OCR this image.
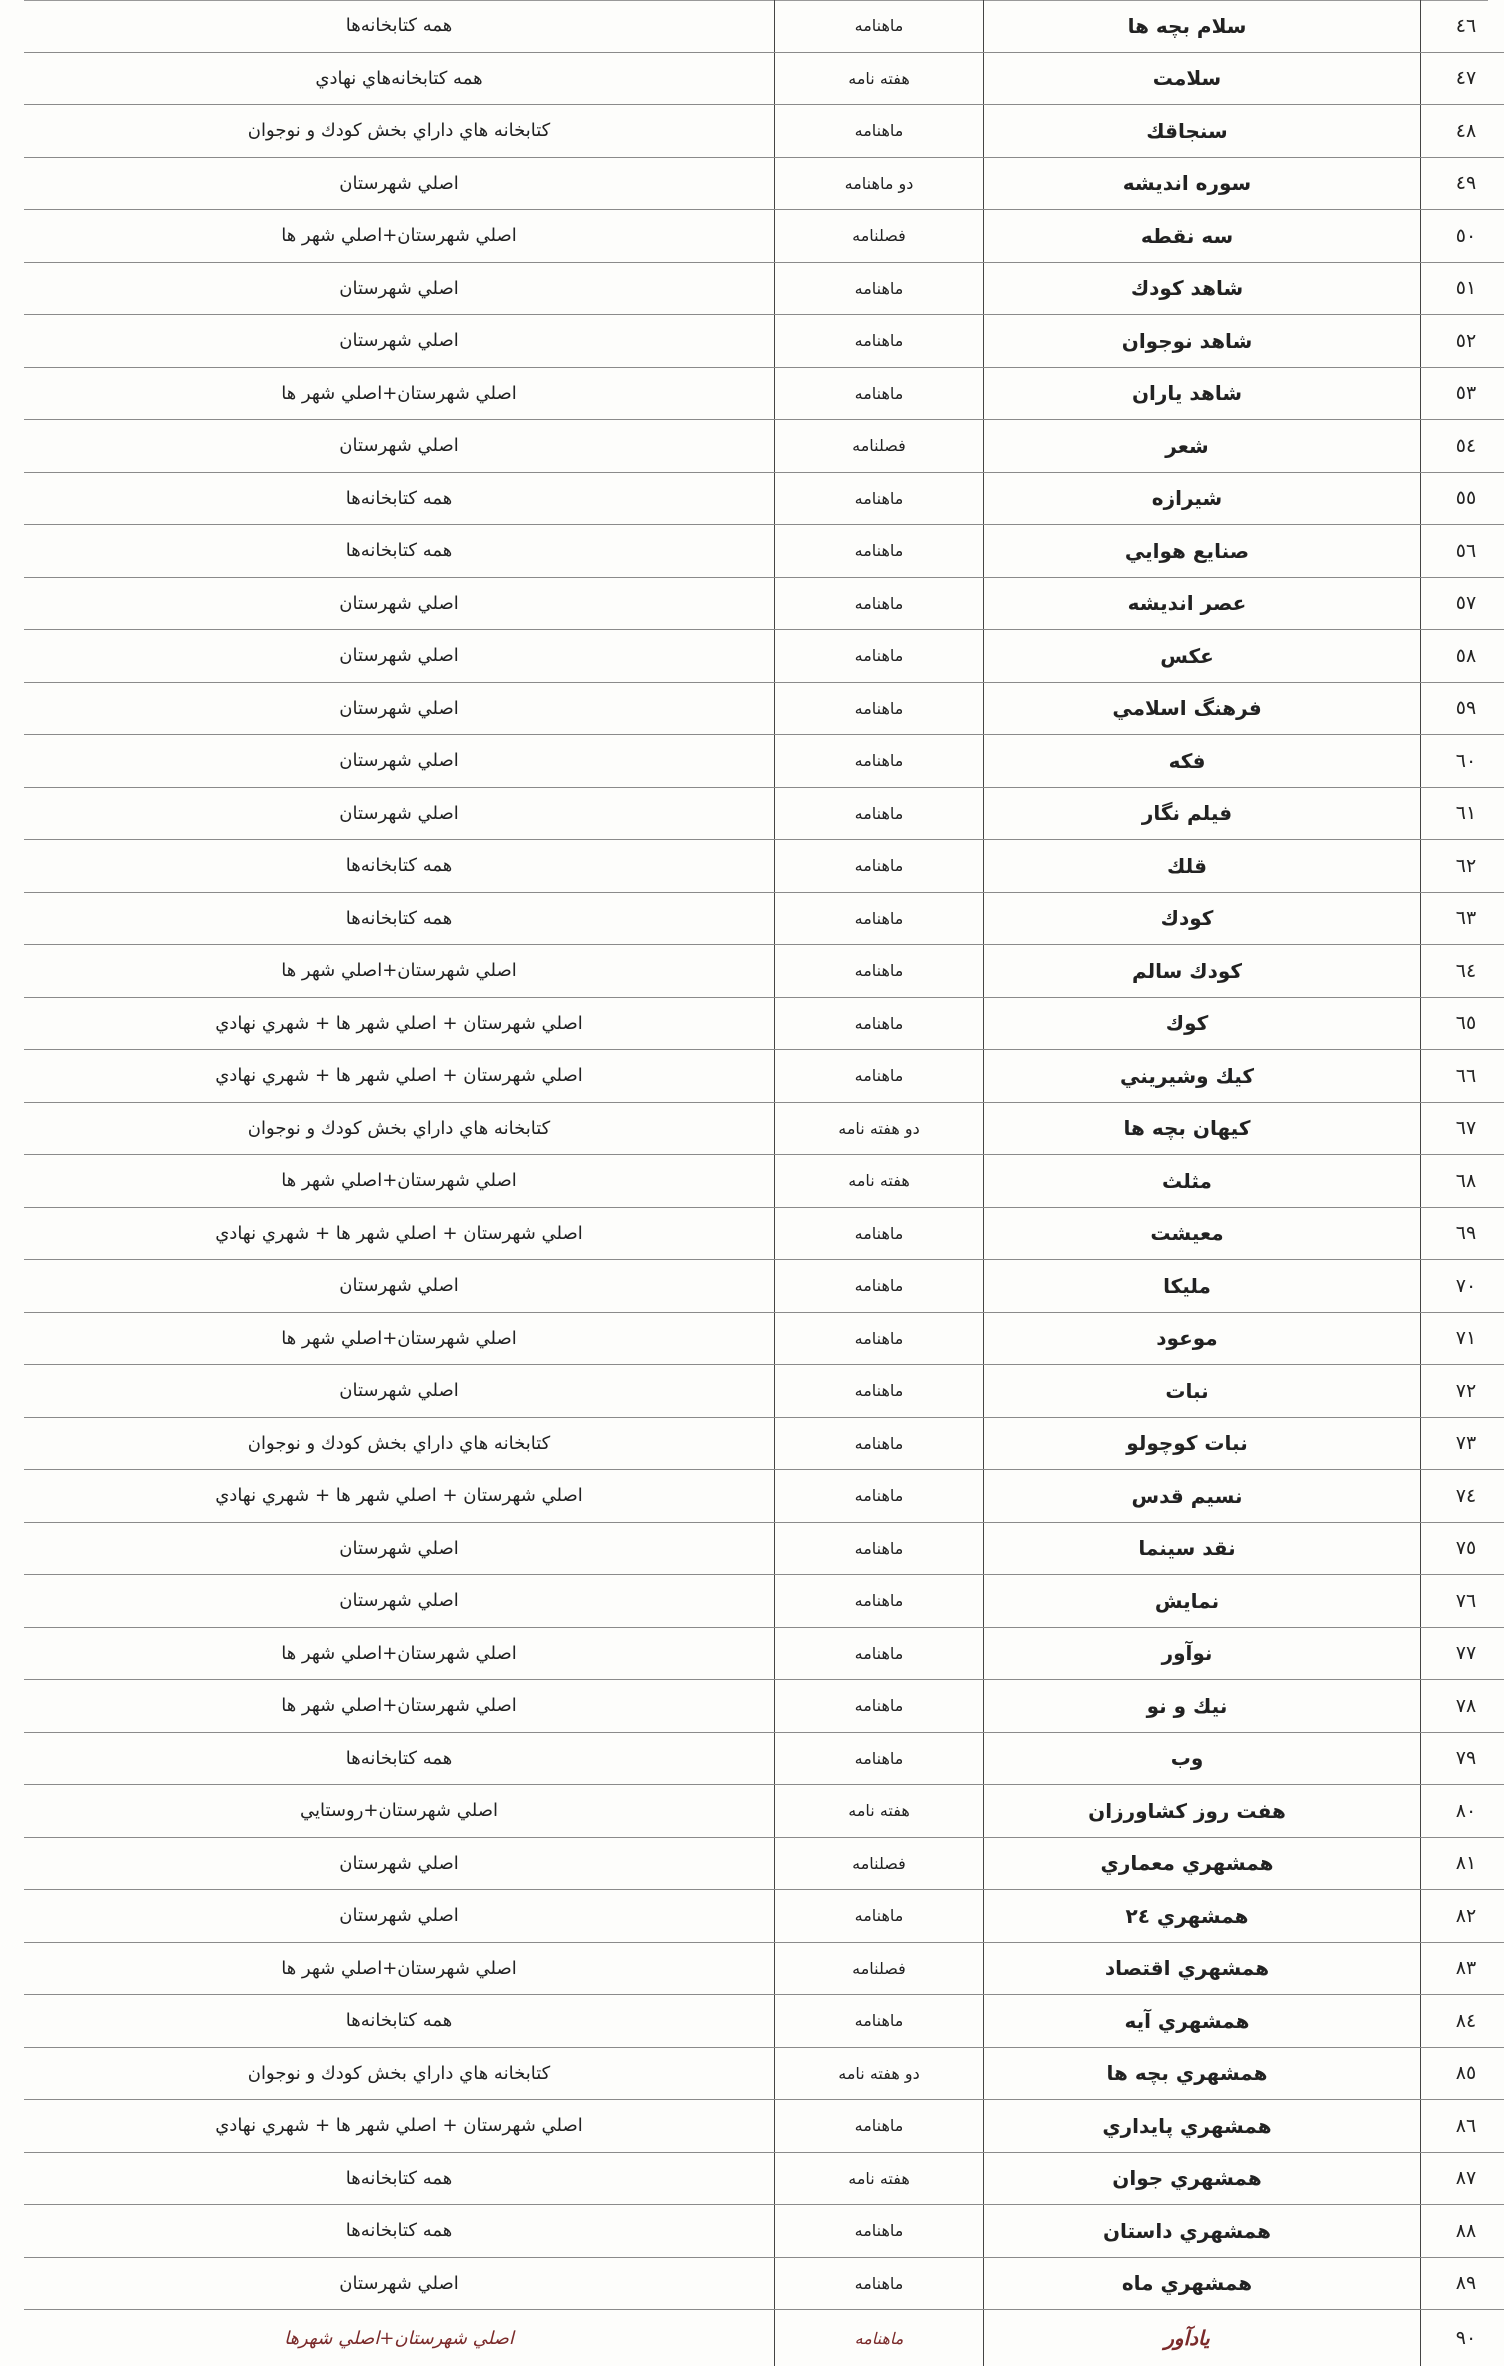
٤٦	سلام بچه ها	ماهنامه	همه كتابخانه‌ها
٤٧	سلامت	هفته نامه	همه كتابخانه‌هاي نهادي
٤٨	سنجاقك	ماهنامه	كتابخانه هاي داراي بخش كودك و نوجوان
٤٩	سوره انديشه	دو ماهنامه	اصلي شهرستان
٥٠	سه نقطه	فصلنامه	اصلي شهرستان+اصلي شهر ها
٥١	شاهد كودك	ماهنامه	اصلي شهرستان
٥٢	شاهد نوجوان	ماهنامه	اصلي شهرستان
٥٣	شاهد ياران	ماهنامه	اصلي شهرستان+اصلي شهر ها
٥٤	شعر	فصلنامه	اصلي شهرستان
٥٥	شيرازه	ماهنامه	همه كتابخانه‌ها
٥٦	صنايع هوايي	ماهنامه	همه كتابخانه‌ها
٥٧	عصر انديشه	ماهنامه	اصلي شهرستان
٥٨	عكس	ماهنامه	اصلي شهرستان
٥٩	فرهنگ اسلامي	ماهنامه	اصلي شهرستان
٦٠	فكه	ماهنامه	اصلي شهرستان
٦١	فيلم نگار	ماهنامه	اصلي شهرستان
٦٢	قلك	ماهنامه	همه كتابخانه‌ها
٦٣	كودك	ماهنامه	همه كتابخانه‌ها
٦٤	كودك سالم	ماهنامه	اصلي شهرستان+اصلي شهر ها
٦٥	كوك	ماهنامه	اصلي شهرستان + اصلي شهر ها + شهري نهادي
٦٦	كيك وشيريني	ماهنامه	اصلي شهرستان + اصلي شهر ها + شهري نهادي
٦٧	كيهان بچه ها	دو هفته نامه	كتابخانه هاي داراي بخش كودك و نوجوان
٦٨	مثلث	هفته نامه	اصلي شهرستان+اصلي شهر ها
٦٩	معيشت	ماهنامه	اصلي شهرستان + اصلي شهر ها + شهري نهادي
٧٠	مليكا	ماهنامه	اصلي شهرستان
٧١	موعود	ماهنامه	اصلي شهرستان+اصلي شهر ها
٧٢	نبات	ماهنامه	اصلي شهرستان
٧٣	نبات كوچولو	ماهنامه	كتابخانه هاي داراي بخش كودك و نوجوان
٧٤	نسيم قدس	ماهنامه	اصلي شهرستان + اصلي شهر ها + شهري نهادي
٧٥	نقد سينما	ماهنامه	اصلي شهرستان
٧٦	نمايش	ماهنامه	اصلي شهرستان
٧٧	نوآور	ماهنامه	اصلي شهرستان+اصلي شهر ها
٧٨	نيك و نو	ماهنامه	اصلي شهرستان+اصلي شهر ها
٧٩	وب	ماهنامه	همه كتابخانه‌ها
٨٠	هفت روز كشاورزان	هفته نامه	اصلي شهرستان+روستايي
٨١	همشهري معماري	فصلنامه	اصلي شهرستان
٨٢	همشهري ٢٤	ماهنامه	اصلي شهرستان
٨٣	همشهري اقتصاد	فصلنامه	اصلي شهرستان+اصلي شهر ها
٨٤	همشهري آيه	ماهنامه	همه كتابخانه‌ها
٨٥	همشهري بچه ها	دو هفته نامه	كتابخانه هاي داراي بخش كودك و نوجوان
٨٦	همشهري پايداري	ماهنامه	اصلي شهرستان + اصلي شهر ها + شهري نهادي
٨٧	همشهري جوان	هفته نامه	همه كتابخانه‌ها
٨٨	همشهري داستان	ماهنامه	همه كتابخانه‌ها
٨٩	همشهري ماه	ماهنامه	اصلي شهرستان
٩٠	يادآور	ماهنامه	اصلي شهرستان+اصلي شهرها
